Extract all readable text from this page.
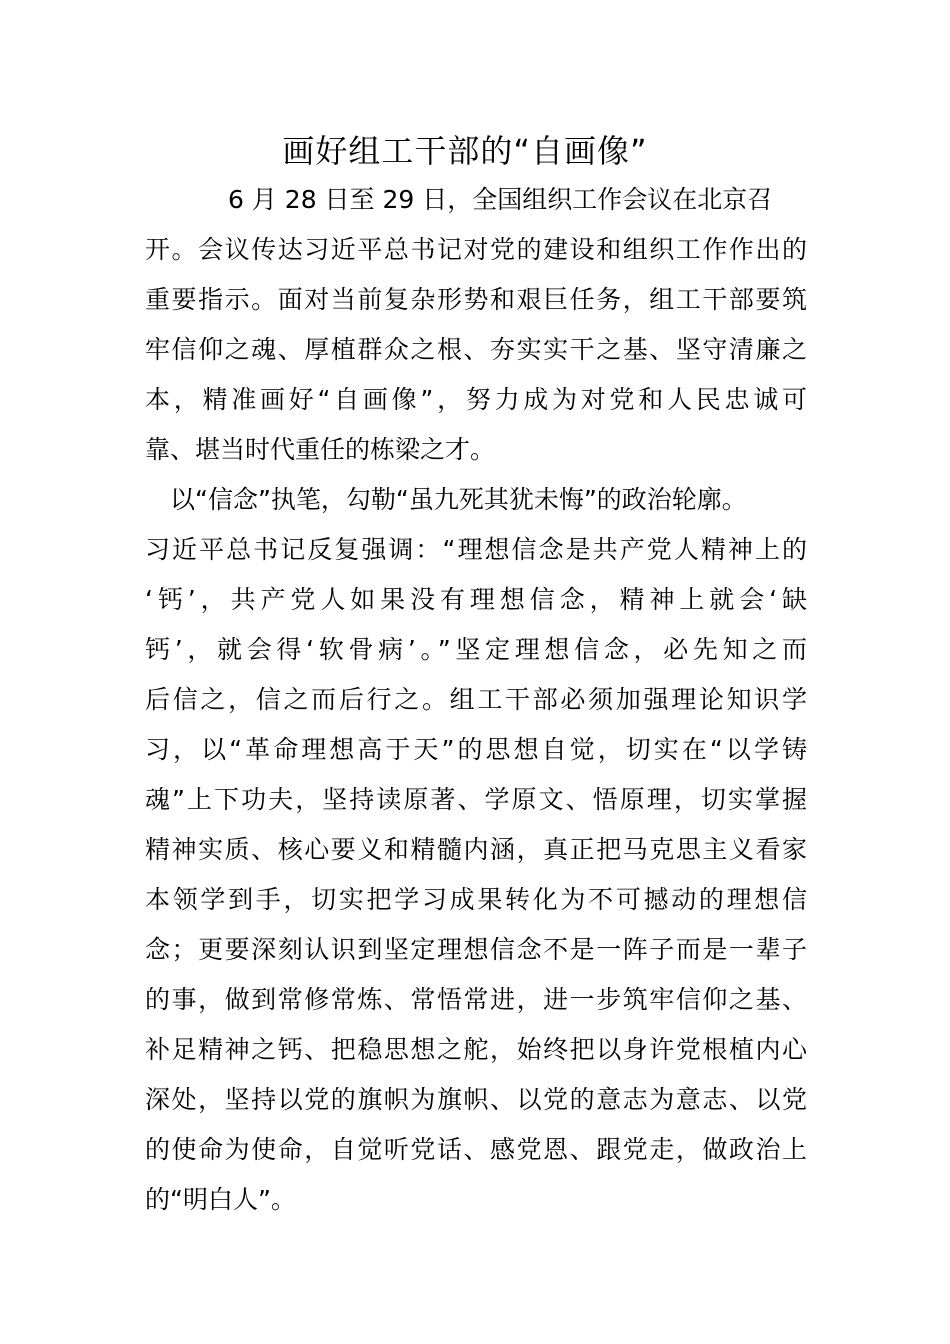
画好组工干部的“自画像”

6 月 28 日至 29 日，全国组织工作会议在北京召

开。会议传达习近平总书记对党的建设和组织工作作出的

重要指示。面对当前复杂形势和艰巨任务，组工干部要筑

牢信仰之魂、厚植群众之根、夯实实干之基、坚守清廉之

本，精准画好“自画像”，努力成为对党和人民忠诚可

靠、堪当时代重任的栋梁之才。

以“信念”执笔，勾勒“虽九死其犹未悔”的政治轮廓。

习近平总书记反复强调：“理想信念是共产党人精神上的

‘钙’，共产党人如果没有理想信念，精神上就会‘缺

钙’，就会得‘软骨病’。”坚定理想信念，必先知之而

后信之，信之而后行之。组工干部必须加强理论知识学

习，以“革命理想高于天”的思想自觉，切实在“以学铸

魂”上下功夫，坚持读原著、学原文、悟原理，切实掌握

精神实质、核心要义和精髓内涵，真正把马克思主义看家

本领学到手，切实把学习成果转化为不可撼动的理想信

念；更要深刻认识到坚定理想信念不是一阵子而是一辈子

的事，做到常修常炼、常悟常进，进一步筑牢信仰之基、

补足精神之钙、把稳思想之舵，始终把以身许党根植内心

深处，坚持以党的旗帜为旗帜、以党的意志为意志、以党

的使命为使命，自觉听党话、感党恩、跟党走，做政治上

的“明白人”。
